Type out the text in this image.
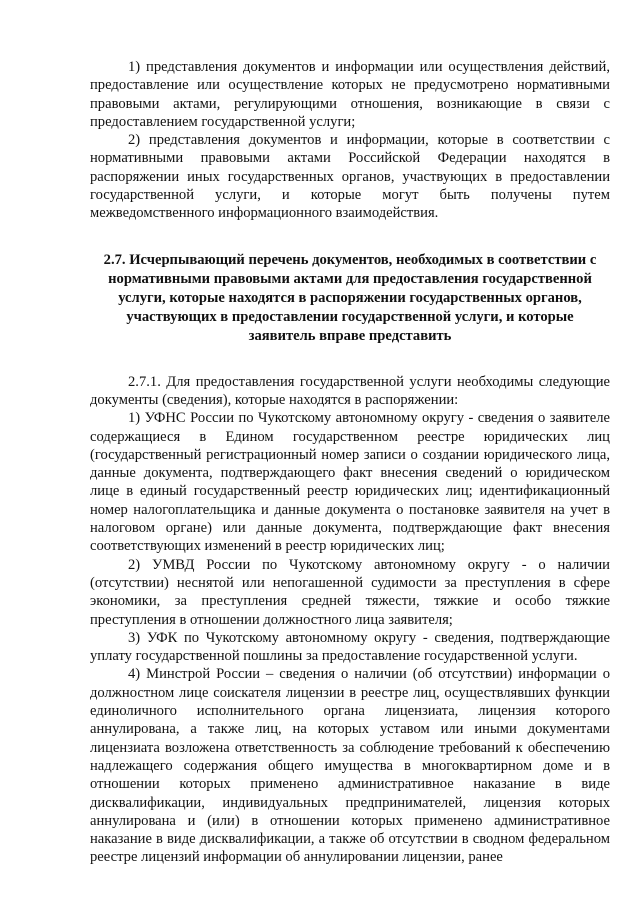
1) представления документов и информации или осуществления действий, предоставление или осуществление которых не предусмотрено нормативными правовыми актами, регулирующими отношения, возникающие в связи с предоставлением государственной услуги;

2) представления документов и информации, которые в соответствии с нормативными правовыми актами Российской Федерации находятся в распоряжении иных государственных органов, участвующих в предоставлении государственной услуги, и которые могут быть получены путем межведомственного информационного взаимодействия.

2.7. Исчерпывающий перечень документов, необходимых в соответствии с нормативными правовыми актами для предоставления государственной услуги, которые находятся в распоряжении государственных органов, участвующих в предоставлении государственной услуги, и которые заявитель вправе представить

2.7.1. Для предоставления государственной услуги необходимы следующие документы (сведения), которые находятся в распоряжении:

1) УФНС России по Чукотскому автономному округу - сведения о заявителе содержащиеся в Едином государственном реестре юридических лиц (государственный регистрационный номер записи о создании юридического лица, данные документа, подтверждающего факт внесения сведений о юридическом лице в единый государственный реестр юридических лиц; идентификационный номер налогоплательщика и данные документа о постановке заявителя на учет в налоговом органе) или данные документа, подтверждающие факт внесения соответствующих изменений в реестр юридических лиц;

2) УМВД России по Чукотскому автономному округу - о наличии (отсутствии) неснятой или непогашенной судимости за преступления в сфере экономики, за преступления средней тяжести, тяжкие и особо тяжкие преступления в отношении должностного лица заявителя;

3) УФК по Чукотскому автономному округу - сведения, подтверждающие уплату государственной пошлины за предоставление государственной услуги.

4) Минстрой России – сведения о наличии (об отсутствии) информации о должностном лице соискателя лицензии в реестре лиц, осуществлявших функции единоличного исполнительного органа лицензиата, лицензия которого аннулирована, а также лиц, на которых уставом или иными документами лицензиата возложена ответственность за соблюдение требований к обеспечению надлежащего содержания общего имущества в многоквартирном доме и в отношении которых применено административное наказание в виде дисквалификации, индивидуальных предпринимателей, лицензия которых аннулирована и (или) в отношении которых применено административное наказание в виде дисквалификации, а также об отсутствии в сводном федеральном реестре лицензий информации об аннулировании лицензии, ранее
